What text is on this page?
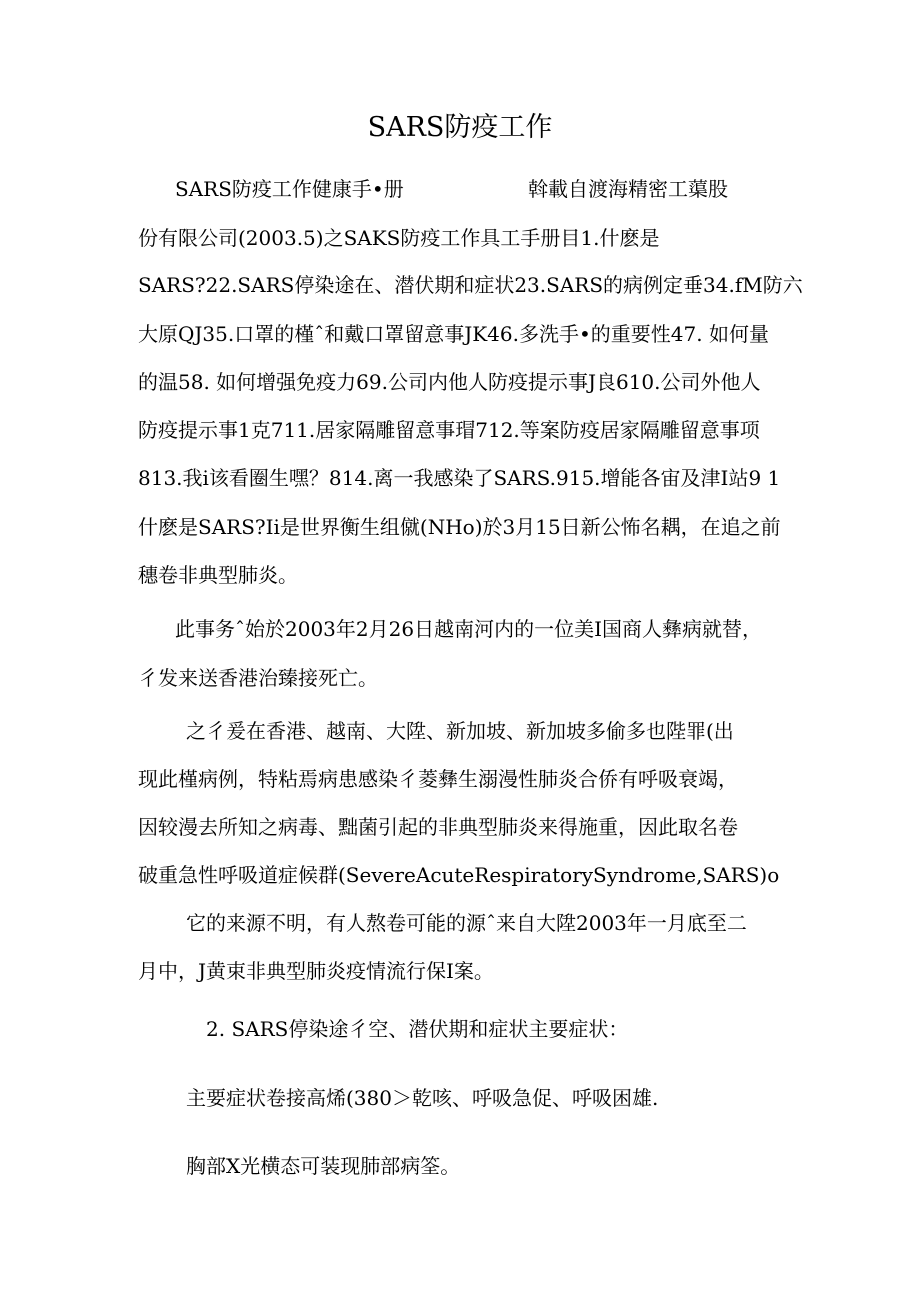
SARS防疫工作
SARS防疫工作健康手•册	斡載自渡海精密工蕖股
份有限公司(2003.5)之SAKS防疫工作具工手册目1.什麽是
SARS?22.SARS停染途在、潜伏期和症状23.SARS的病例定垂34.fM防六
大原QJ35.口罩的槿ˆ和戴口罩留意事JK46.多洗手•的重要性47. 如何量
的温58. 如何增强免疫力69.公司内他人防疫提示事J良610.公司外他人
防疫提示事1克711.居家隔雕留意事瑁712.等案防疫居家隔雕留意事项
813.我i该看圈生嘿？814.离一我感染了SARS.915.增能各宙及津I站9 1
什麽是SARS?Ii是世界衡生组僦(NHo)於3月15日新公怖名耦，在追之前
穗卷非典型肺炎。
此事务ˆ始於2003年2月26日越南河内的一位美I国商人彝病就替，
彳发来送香港治臻接死亡。
之彳爰在香港、越南、大陞、新加坡、新加坡多偷多也陛罪(出
现此槿病例，特粘焉病患感染彳菱彝生溺漫性肺炎合侨有呼吸衰竭，
因较漫去所知之病毒、黜菌引起的非典型肺炎来得施重，因此取名卷
破重急性呼吸道症候群(SevereAcuteRespiratorySyndrome,SARS)o
它的来源不明，有人熬卷可能的源ˆ来自大陞2003年一月底至二
月中，J黄束非典型肺炎疫情流行保I案。
2. SARS停染途彳空、潜伏期和症状主要症状：
主要症状卷接高烯(380＞乾咳、呼吸急促、呼吸困雄.
胸部X光横态可装现肺部病筌。
